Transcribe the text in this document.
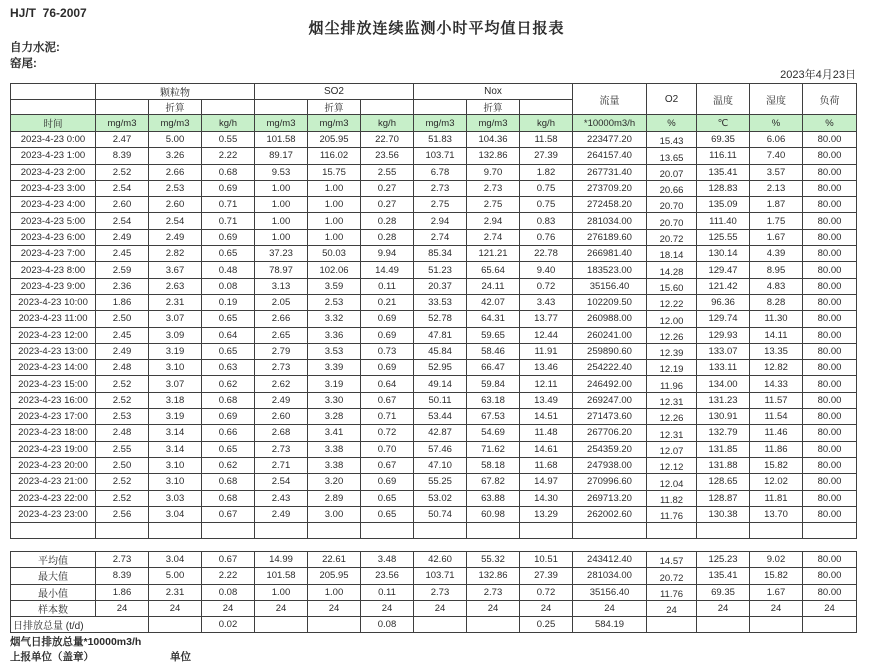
HJ/T  76-2007
烟尘排放连续监测小时平均值日报表
自力水泥:
窑尾:
2023年4月23日
	颗粒物			SO2			Nox			流量	O2	温度	湿度	负荷
		折算			折算			折算						
时间	mg/m3	mg/m3	kg/h	mg/m3	mg/m3	kg/h	mg/m3	mg/m3	kg/h	*10000m3/h	%	℃	%	%
2023-4-23 0:00	2.47	5.00	0.55	101.58	205.95	22.70	51.83	104.36	11.58	223477.20	15.43	69.35	6.06	80.00
2023-4-23 1:00	8.39	3.26	2.22	89.17	116.02	23.56	103.71	132.86	27.39	264157.40	13.65	116.11	7.40	80.00
2023-4-23 2:00	2.52	2.66	0.68	9.53	15.75	2.55	6.78	9.70	1.82	267731.40	20.07	135.41	3.57	80.00
2023-4-23 3:00	2.54	2.53	0.69	1.00	1.00	0.27	2.73	2.73	0.75	273709.20	20.66	128.83	2.13	80.00
2023-4-23 4:00	2.60	2.60	0.71	1.00	1.00	0.27	2.75	2.75	0.75	272458.20	20.70	135.09	1.87	80.00
2023-4-23 5:00	2.54	2.54	0.71	1.00	1.00	0.28	2.94	2.94	0.83	281034.00	20.70	111.40	1.75	80.00
2023-4-23 6:00	2.49	2.49	0.69	1.00	1.00	0.28	2.74	2.74	0.76	276189.60	20.72	125.55	1.67	80.00
2023-4-23 7:00	2.45	2.82	0.65	37.23	50.03	9.94	85.34	121.21	22.78	266981.40	18.14	130.14	4.39	80.00
2023-4-23 8:00	2.59	3.67	0.48	78.97	102.06	14.49	51.23	65.64	9.40	183523.00	14.28	129.47	8.95	80.00
2023-4-23 9:00	2.36	2.63	0.08	3.13	3.59	0.11	20.37	24.11	0.72	35156.40	15.60	121.42	4.83	80.00
2023-4-23 10:00	1.86	2.31	0.19	2.05	2.53	0.21	33.53	42.07	3.43	102209.50	12.22	96.36	8.28	80.00
2023-4-23 11:00	2.50	3.07	0.65	2.66	3.32	0.69	52.78	64.31	13.77	260988.00	12.00	129.74	11.30	80.00
2023-4-23 12:00	2.45	3.09	0.64	2.65	3.36	0.69	47.81	59.65	12.44	260241.00	12.26	129.93	14.11	80.00
2023-4-23 13:00	2.49	3.19	0.65	2.79	3.53	0.73	45.84	58.46	11.91	259890.60	12.39	133.07	13.35	80.00
2023-4-23 14:00	2.48	3.10	0.63	2.73	3.39	0.69	52.95	66.47	13.46	254222.40	12.19	133.11	12.82	80.00
2023-4-23 15:00	2.52	3.07	0.62	2.62	3.19	0.64	49.14	59.84	12.11	246492.00	11.96	134.00	14.33	80.00
2023-4-23 16:00	2.52	3.18	0.68	2.49	3.30	0.67	50.11	63.18	13.49	269247.00	12.31	131.23	11.57	80.00
2023-4-23 17:00	2.53	3.19	0.69	2.60	3.28	0.71	53.44	67.53	14.51	271473.60	12.26	130.91	11.54	80.00
2023-4-23 18:00	2.48	3.14	0.66	2.68	3.41	0.72	42.87	54.69	11.48	267706.20	12.31	132.79	11.46	80.00
2023-4-23 19:00	2.55	3.14	0.65	2.73	3.38	0.70	57.46	71.62	14.61	254359.20	12.07	131.85	11.86	80.00
2023-4-23 20:00	2.50	3.10	0.62	2.71	3.38	0.67	47.10	58.18	11.68	247938.00	12.12	131.88	15.82	80.00
2023-4-23 21:00	2.52	3.10	0.68	2.54	3.20	0.69	55.25	67.82	14.97	270996.60	12.04	128.65	12.02	80.00
2023-4-23 22:00	2.52	3.03	0.68	2.43	2.89	0.65	53.02	63.88	14.30	269713.20	11.82	128.87	11.81	80.00
2023-4-23 23:00	2.56	3.04	0.67	2.49	3.00	0.65	50.74	60.98	13.29	262002.60	11.76	130.38	13.70	80.00

平均值	2.73	3.04	0.67	14.99	22.61	3.48	42.60	55.32	10.51	243412.40	14.57	125.23	9.02	80.00
最大值	8.39	5.00	2.22	101.58	205.95	23.56	103.71	132.86	27.39	281034.00	20.72	135.41	15.82	80.00
最小值	1.86	2.31	0.08	1.00	1.00	0.11	2.73	2.73	0.72	35156.40	11.76	69.35	1.67	80.00
样本数	24	24	24	24	24	24	24	24	24	24	24	24	24	24
日排放总量 (t/d)			0.02			0.08			0.25	584.19				
烟气日排放总量*10000m3/h
上报单位（盖章）	单位
